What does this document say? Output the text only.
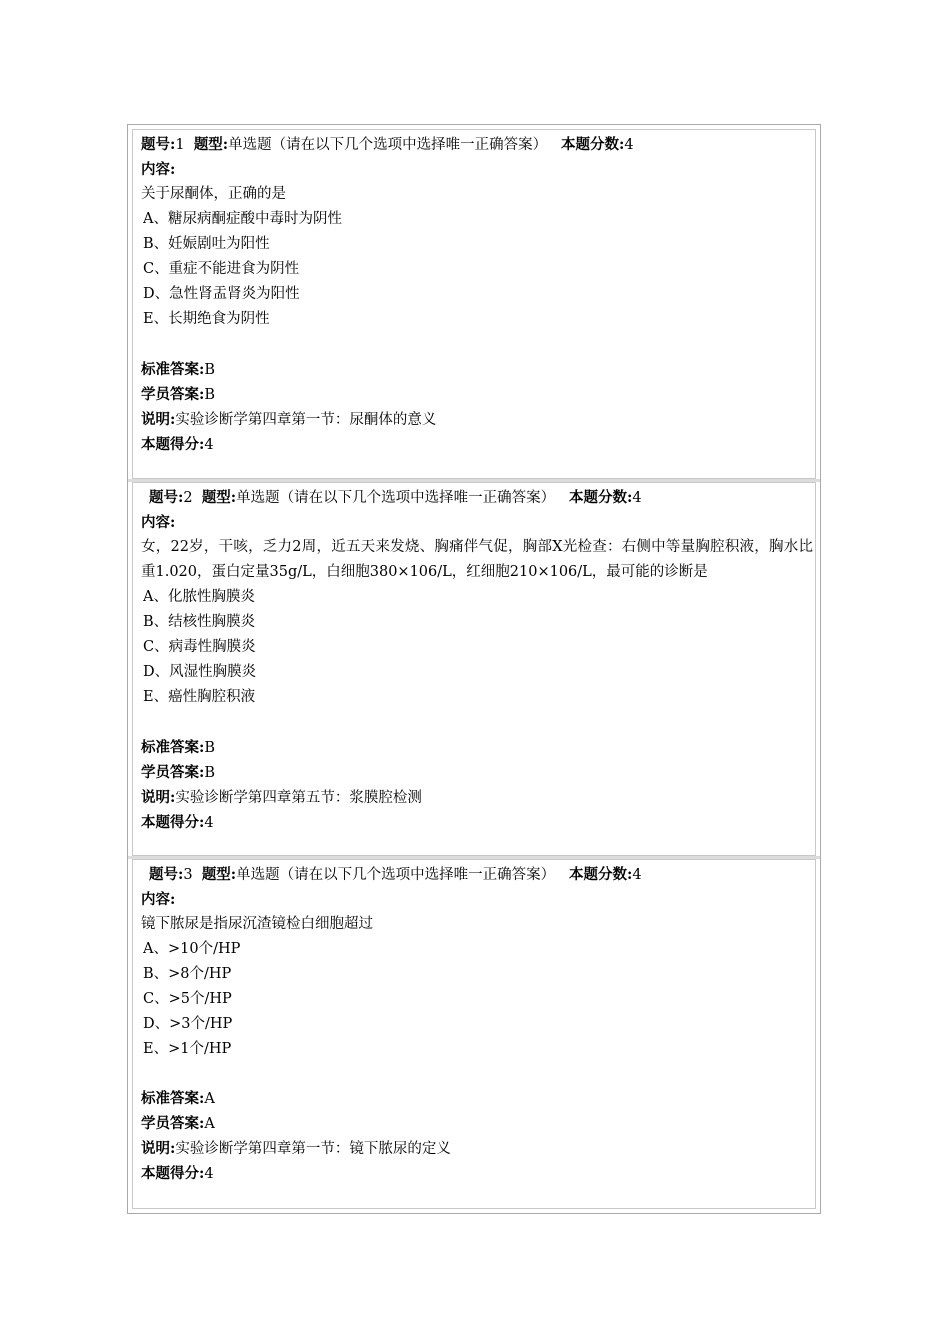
题号:1 题型:单选题（请在以下几个选项中选择唯一正确答案） 本题分数:4
内容:
关于尿酮体，正确的是
A、糖尿病酮症酸中毒时为阴性
B、妊娠剧吐为阳性
C、重症不能进食为阴性
D、急性肾盂肾炎为阳性
E、长期绝食为阴性
标准答案:B
学员答案:B
说明:实验诊断学第四章第一节：尿酮体的意义
本题得分:4
题号:2 题型:单选题（请在以下几个选项中选择唯一正确答案） 本题分数:4
内容:
女，22岁，干咳，乏力2周，近五天来发烧、胸痛伴气促，胸部X光检查：右侧中等量胸腔积液，胸水比重1.020，蛋白定量35g/L，白细胞380×106/L，红细胞210×106/L，最可能的诊断是
A、化脓性胸膜炎
B、结核性胸膜炎
C、病毒性胸膜炎
D、风湿性胸膜炎
E、癌性胸腔积液
标准答案:B
学员答案:B
说明:实验诊断学第四章第五节：浆膜腔检测
本题得分:4
题号:3 题型:单选题（请在以下几个选项中选择唯一正确答案） 本题分数:4
内容:
镜下脓尿是指尿沉渣镜检白细胞超过
A、>10个/HP
B、>8个/HP
C、>5个/HP
D、>3个/HP
E、>1个/HP
标准答案:A
学员答案:A
说明:实验诊断学第四章第一节：镜下脓尿的定义
本题得分:4
